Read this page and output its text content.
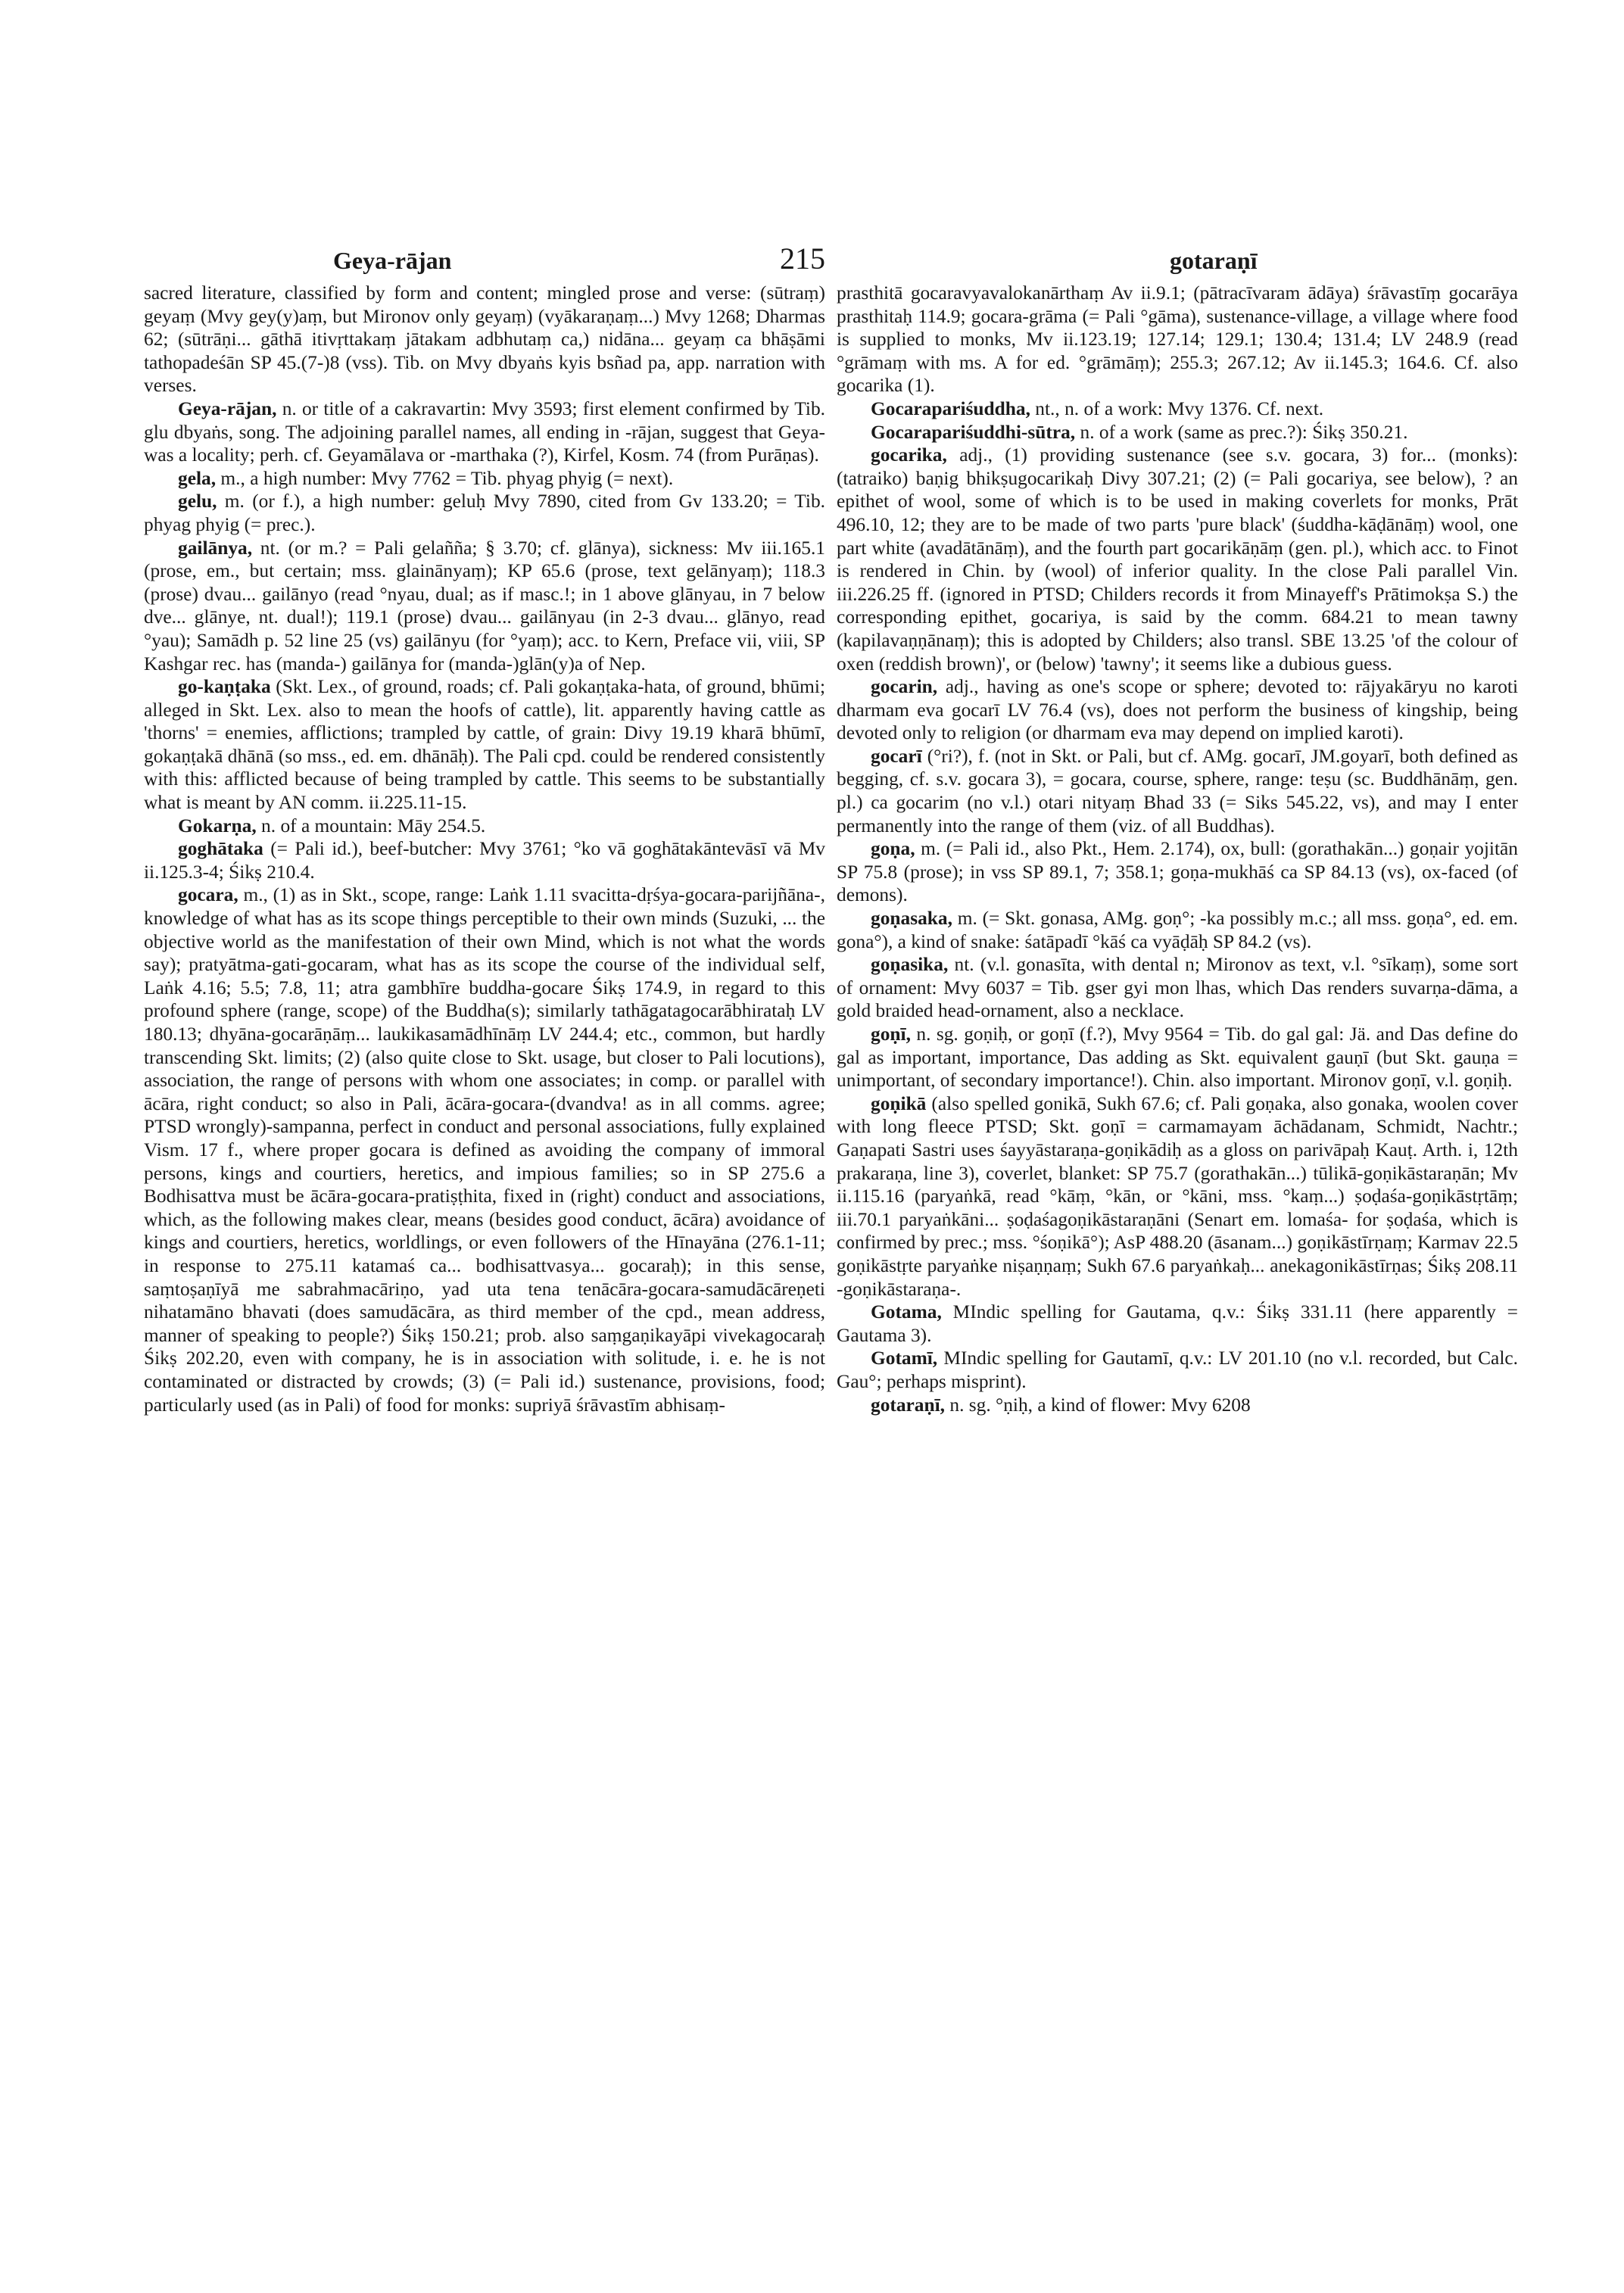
Geya-rājan	215	gotaraṇī

sacred literature, classified by form and content; mingled prose and verse: (sūtraṃ) geyaṃ (Mvy gey(y)aṃ, but Mironov only geyaṃ) (vyākaraṇaṃ...) Mvy 1268; Dharmas 62; (sūtrāṇi... gāthā itivṛttakaṃ jātakam adbhutaṃ ca,) nidāna... geyaṃ ca bhāṣāmi tathopadeśān SP 45.(7-)8 (vss). Tib. on Mvy dbyaṅs kyis bsñad pa, app. narration with verses.

Geya-rājan, n. or title of a cakravartin: Mvy 3593; first element confirmed by Tib. glu dbyaṅs, song. The adjoining parallel names, all ending in -rājan, suggest that Geya- was a locality; perh. cf. Geyamālava or -marthaka (?), Kirfel, Kosm. 74 (from Purāṇas).

gela, m., a high number: Mvy 7762 = Tib. phyag phyig (= next).

gelu, m. (or f.), a high number: geluḥ Mvy 7890, cited from Gv 133.20; = Tib. phyag phyig (= prec.).

gailānya, nt. (or m.? = Pali gelañña; § 3.70; cf. glānya), sickness: Mv iii.165.1 (prose, em., but certain; mss. glainānyaṃ); KP 65.6 (prose, text gelānyaṃ); 118.3 (prose) dvau... gailānyo (read °nyau, dual; as if masc.!; in 1 above glānyau, in 7 below dve... glānye, nt. dual!); 119.1 (prose) dvau... gailānyau (in 2-3 dvau... glānyo, read °yau); Samādh p. 52 line 25 (vs) gailānyu (for °yaṃ); acc. to Kern, Preface vii, viii, SP Kashgar rec. has (manda-) gailānya for (manda-)glān(y)a of Nep.

go-kaṇṭaka (Skt. Lex., of ground, roads; cf. Pali gokaṇṭaka-hata, of ground, bhūmi; alleged in Skt. Lex. also to mean the hoofs of cattle), lit. apparently having cattle as 'thorns' = enemies, afflictions; trampled by cattle, of grain: Divy 19.19 kharā bhūmī, gokaṇṭakā dhānā (so mss., ed. em. dhānāḥ). The Pali cpd. could be rendered consistently with this: afflicted because of being trampled by cattle. This seems to be substantially what is meant by AN comm. ii.225.11-15.

Gokarṇa, n. of a mountain: Māy 254.5.

goghātaka (= Pali id.), beef-butcher: Mvy 3761; °ko vā goghātakāntevāsī vā Mv ii.125.3-4; Śikṣ 210.4.

gocara, m., (1) as in Skt., scope, range: Laṅk 1.11 svacitta-dṛśya-gocara-parijñāna-, knowledge of what has as its scope things perceptible to their own minds (Suzuki, ... the objective world as the manifestation of their own Mind, which is not what the words say); pratyātma-gati-gocaram, what has as its scope the course of the individual self, Laṅk 4.16; 5.5; 7.8, 11; atra gambhīre buddha-gocare Śikṣ 174.9, in regard to this profound sphere (range, scope) of the Buddha(s); similarly tathāgatagocarābhirataḥ LV 180.13; dhyāna-gocarāṇāṃ... laukikasamādhīnāṃ LV 244.4; etc., common, but hardly transcending Skt. limits; (2) (also quite close to Skt. usage, but closer to Pali locutions), association, the range of persons with whom one associates; in comp. or parallel with ācāra, right conduct; so also in Pali, ācāra-gocara-(dvandva! as in all comms. agree; PTSD wrongly)-sampanna, perfect in conduct and personal associations, fully explained Vism. 17 f., where proper gocara is defined as avoiding the company of immoral persons, kings and courtiers, heretics, and impious families; so in SP 275.6 a Bodhisattva must be ācāra-gocara-pratiṣṭhita, fixed in (right) conduct and associations, which, as the following makes clear, means (besides good conduct, ācāra) avoidance of kings and courtiers, heretics, worldlings, or even followers of the Hīnayāna (276.1-11; in response to 275.11 katamaś ca... bodhisattvasya... gocaraḥ); in this sense, saṃtoṣaṇīyā me sabrahmacāriṇo, yad uta tena tenācāra-gocara-samudācāreṇeti nihatamāno bhavati (does samudācāra, as third member of the cpd., mean address, manner of speaking to people?) Śikṣ 150.21; prob. also saṃgaṇikayāpi vivekagocaraḥ Śikṣ 202.20, even with company, he is in association with solitude, i. e. he is not contaminated or distracted by crowds; (3) (= Pali id.) sustenance, provisions, food; particularly used (as in Pali) of food for monks: supriyā śrāvastīm abhisaṃ-

prasthitā gocaravyavalokanārthaṃ Av ii.9.1; (pātracīvaram ādāya) śrāvastīṃ gocarāya prasthitaḥ 114.9; gocara-grāma (= Pali °gāma), sustenance-village, a village where food is supplied to monks, Mv ii.123.19; 127.14; 129.1; 130.4; 131.4; LV 248.9 (read °grāmaṃ with ms. A for ed. °grāmāṃ); 255.3; 267.12; Av ii.145.3; 164.6. Cf. also gocarika (1).

Gocarapariśuddha, nt., n. of a work: Mvy 1376. Cf. next.

Gocarapariśuddhi-sūtra, n. of a work (same as prec.?): Śikṣ 350.21.

gocarika, adj., (1) providing sustenance (see s.v. gocara, 3) for... (monks): (tatraiko) baṇig bhikṣugocarikaḥ Divy 307.21; (2) (= Pali gocariya, see below), ? an epithet of wool, some of which is to be used in making coverlets for monks, Prāt 496.10, 12; they are to be made of two parts 'pure black' (śuddha-kāḍānāṃ) wool, one part white (avadātānāṃ), and the fourth part gocarikāṇāṃ (gen. pl.), which acc. to Finot is rendered in Chin. by (wool) of inferior quality. In the close Pali parallel Vin. iii.226.25 ff. (ignored in PTSD; Childers records it from Minayeff's Prātimokṣa S.) the corresponding epithet, gocariya, is said by the comm. 684.21 to mean tawny (kapilavaṇṇānaṃ); this is adopted by Childers; also transl. SBE 13.25 'of the colour of oxen (reddish brown)', or (below) 'tawny'; it seems like a dubious guess.

gocarin, adj., having as one's scope or sphere; devoted to: rājyakāryu no karoti dharmam eva gocarī LV 76.4 (vs), does not perform the business of kingship, being devoted only to religion (or dharmam eva may depend on implied karoti).

gocarī (°ri?), f. (not in Skt. or Pali, but cf. AMg. gocarī, JM.goyarī, both defined as begging, cf. s.v. gocara 3), = gocara, course, sphere, range: teṣu (sc. Buddhānāṃ, gen. pl.) ca gocarim (no v.l.) otari nityaṃ Bhad 33 (= Siks 545.22, vs), and may I enter permanently into the range of them (viz. of all Buddhas).

goṇa, m. (= Pali id., also Pkt., Hem. 2.174), ox, bull: (gorathakān...) goṇair yojitān SP 75.8 (prose); in vss SP 89.1, 7; 358.1; goṇa-mukhāś ca SP 84.13 (vs), ox-faced (of demons).

goṇasaka, m. (= Skt. gonasa, AMg. goṇ°; -ka possibly m.c.; all mss. goṇa°, ed. em. gona°), a kind of snake: śatāpadī °kāś ca vyāḍāḥ SP 84.2 (vs).

goṇasika, nt. (v.l. gonasīta, with dental n; Mironov as text, v.l. °sīkaṃ), some sort of ornament: Mvy 6037 = Tib. gser gyi mon lhas, which Das renders suvarṇa-dāma, a gold braided head-ornament, also a necklace.

goṇī, n. sg. goṇiḥ, or goṇī (f.?), Mvy 9564 = Tib. do gal gal: Jä. and Das define do gal as important, importance, Das adding as Skt. equivalent gauṇī (but Skt. gauṇa = unimportant, of secondary importance!). Chin. also important. Mironov goṇī, v.l. goṇiḥ.

goṇikā (also spelled gonikā, Sukh 67.6; cf. Pali goṇaka, also gonaka, woolen cover with long fleece PTSD; Skt. goṇī = carmamayam āchādanam, Schmidt, Nachtr.; Gaṇapati Sastri uses śayyāstaraṇa-goṇikādiḥ as a gloss on parivāpaḥ Kauṭ. Arth. i, 12th prakaraṇa, line 3), coverlet, blanket: SP 75.7 (gorathakān...) tūlikā-goṇikāstaraṇān; Mv ii.115.16 (paryaṅkā, read °kāṃ, °kān, or °kāni, mss. °kaṃ...) ṣoḍaśa-goṇikāstṛtāṃ; iii.70.1 paryaṅkāni... ṣoḍaśagoṇikāstaraṇāni (Senart em. lomaśa- for ṣoḍaśa, which is confirmed by prec.; mss. °śoṇikā°); AsP 488.20 (āsanam...) goṇikāstīrṇaṃ; Karmav 22.5 goṇikāstṛte paryaṅke niṣaṇṇaṃ; Sukh 67.6 paryaṅkaḥ... anekagonikāstīrṇas; Śikṣ 208.11 -goṇikāstaraṇa-.

Gotama, MIndic spelling for Gautama, q.v.: Śikṣ 331.11 (here apparently = Gautama 3).

Gotamī, MIndic spelling for Gautamī, q.v.: LV 201.10 (no v.l. recorded, but Calc. Gau°; perhaps misprint).

gotaraṇī, n. sg. °ṇiḥ, a kind of flower: Mvy 6208
